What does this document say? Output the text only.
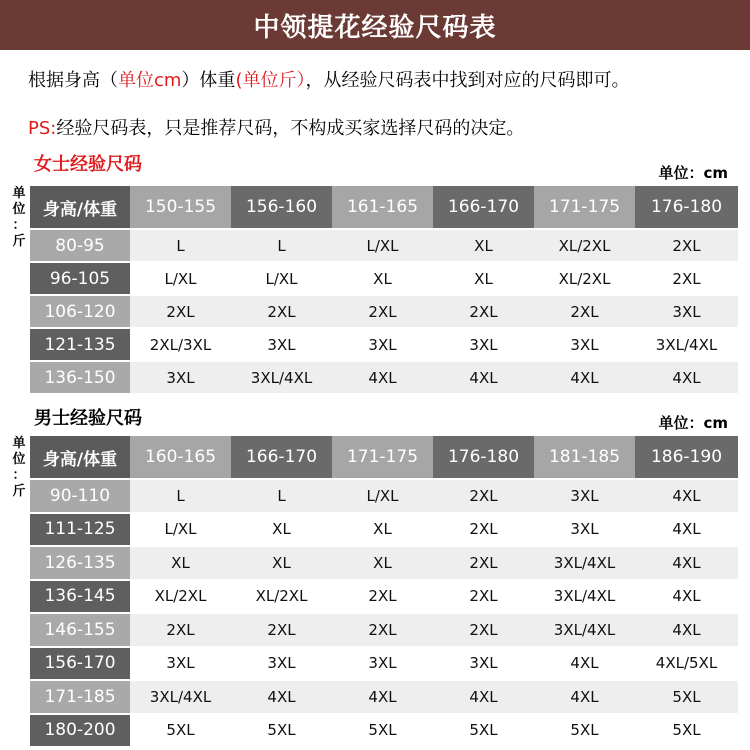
中领提花经验尺码表
根据身高（单位cm）体重(单位斤），从经验尺码表中找到对应的尺码即可。
PS:经验尺码表，只是推荐尺码，不构成买家选择尺码的决定。
女士经验尺码	单位：cm
单
位
：
斤
身高/体重	150-155	156-160	161-165	166-170	171-175	176-180
80-95	L	L	L/XL	XL	XL/2XL	2XL
96-105	L/XL	L/XL	XL	XL	XL/2XL	2XL
106-120	2XL	2XL	2XL	2XL	2XL	3XL
121-135	2XL/3XL	3XL	3XL	3XL	3XL	3XL/4XL
136-150	3XL	3XL/4XL	4XL	4XL	4XL	4XL
男士经验尺码	单位：cm
单
位
：
斤
身高/体重	160-165	166-170	171-175	176-180	181-185	186-190
90-110	L	L	L/XL	2XL	3XL	4XL
111-125	L/XL	XL	XL	2XL	3XL	4XL
126-135	XL	XL	XL	2XL	3XL/4XL	4XL
136-145	XL/2XL	XL/2XL	2XL	2XL	3XL/4XL	4XL
146-155	2XL	2XL	2XL	2XL	3XL/4XL	4XL
156-170	3XL	3XL	3XL	3XL	4XL	4XL/5XL
171-185	3XL/4XL	4XL	4XL	4XL	4XL	5XL
180-200	5XL	5XL	5XL	5XL	5XL	5XL
